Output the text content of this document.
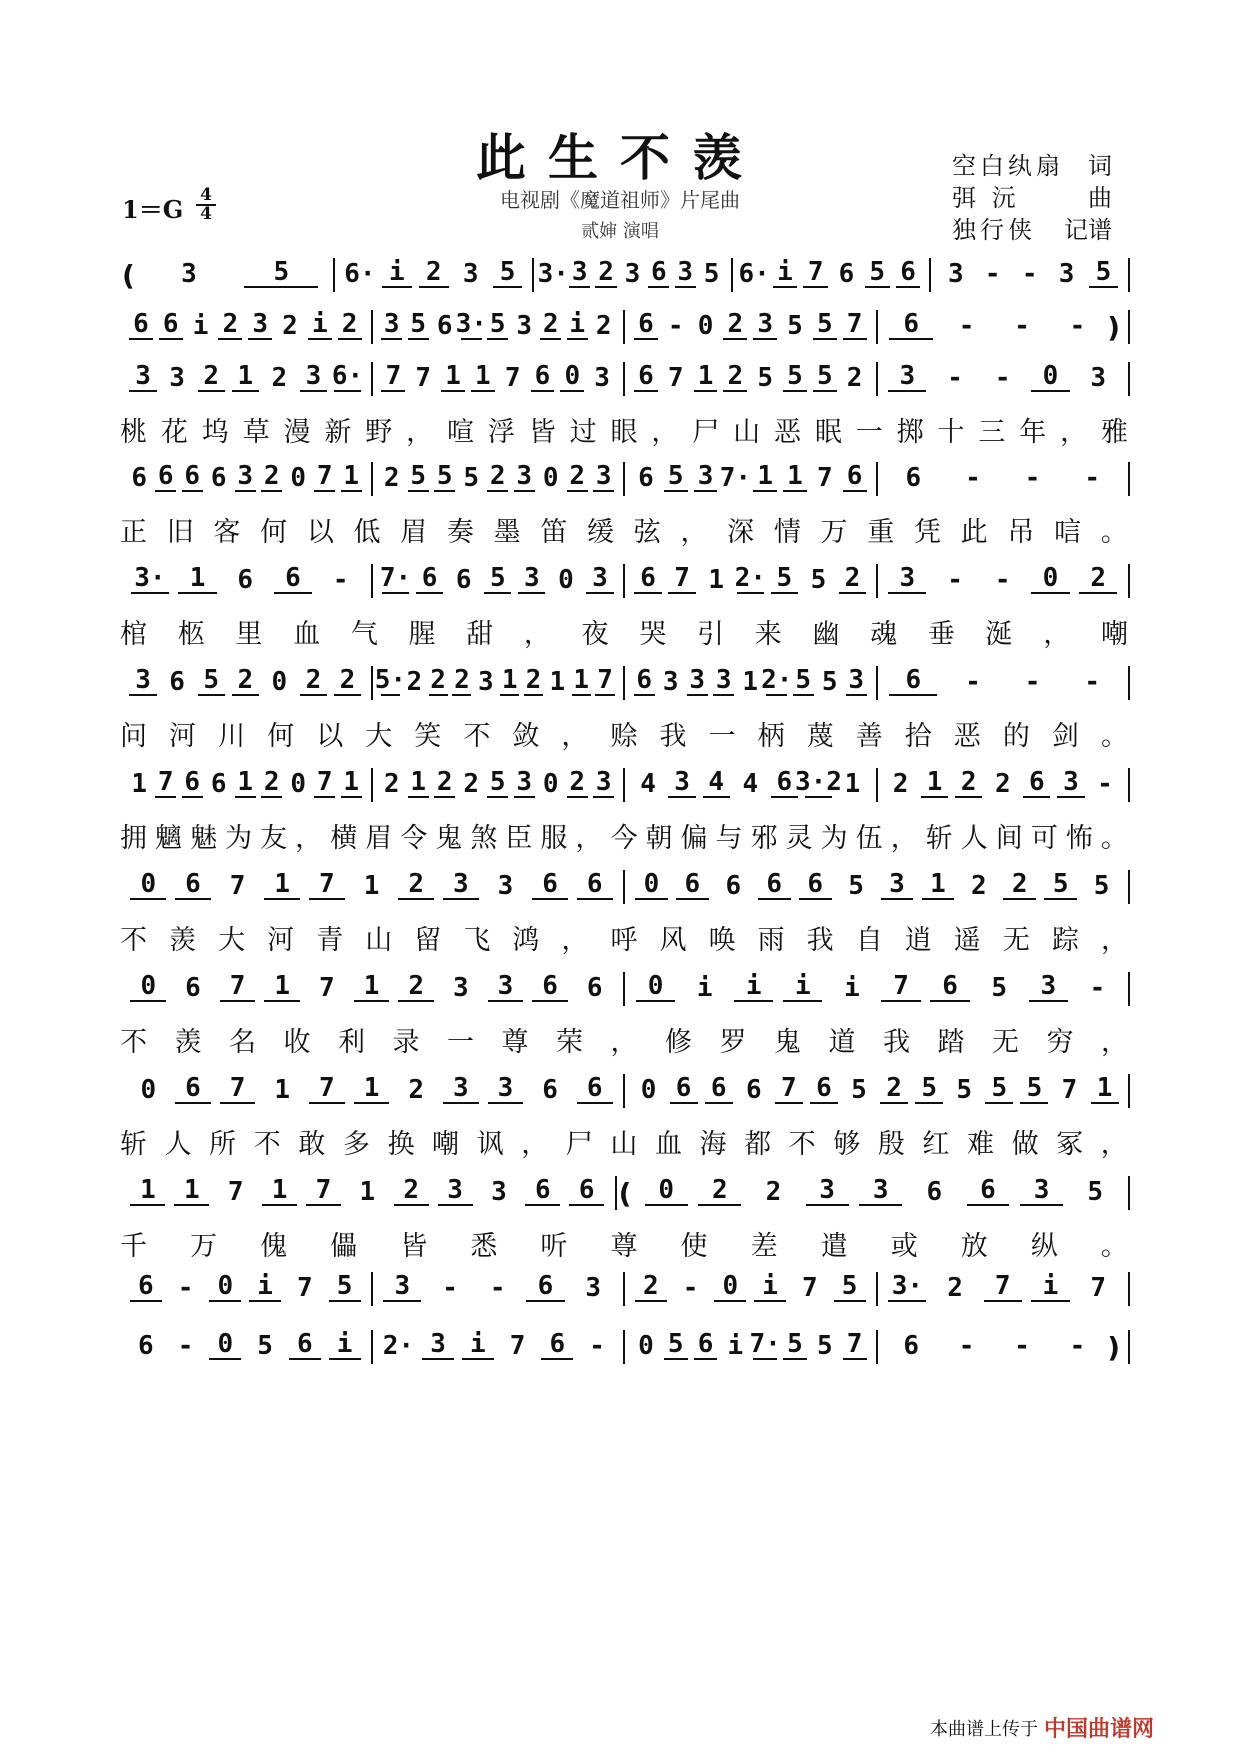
此生不羡
电视剧《魔道祖师》片尾曲
贰婶 演唱
$1=G \frac{4}{4}$
空白纨扇 词
弭 沅	曲
独行侠 记谱
( 3	5 6· i 2 3 5 3· 3 2 3 6 3 5 6· i 7 6 5 6 3 - - 3 5
6 6 i 2 3 2 i 2 3 5 6 3· 5 3 2 i 2 6 - 0 2 3 5 5 7 6 - - - )
3 3 2 1 2 3 6· 7 7 1 1 7 6 0 3 6 7 1 2 5 5 5 2 3 - - 0 3
桃 花 坞 草 漫 新 野 ， 喧 浮 皆 过 眼 ， 尸 山 恶 眠 一 掷 十 三 年 ， 雅
6 6 6 6 3 2 0 7 1 2 5 5 5 2 3 0 2 3 6 5 3 7· 1 1 7 6 6 - - -
正 旧 客 何 以 低 眉 奏 墨 笛 缓 弦 ， 深 情 万 重 凭 此 吊 唁 。
3· 1 6 6 - 7· 6 6 5 3 0 3 6 7 1 2· 5 5 2 3 - - 0 2
棺 柩 里 血 气 腥 甜 ， 夜 哭 引 来 幽 魂 垂 涎 ， 嘲
3 6 5 2 0 2 2 5· 2 2 2 3 1 2 1 1 7 6 3 3 3 1 2· 5 5 3 6 - - -
问 河 川 何 以 大 笑 不 敛 ， 赊 我 一 柄 蔑 善 拾 恶 的 剑 。
1 7 6 6 1 2 0 7 1 2 1 2 2 5 3 0 2 3 4 3 4 4 6 3·2 1 2 1 2 2 6 3 -
拥 魑 魅 为 友 ， 横 眉 令 鬼 煞 臣 服 ， 今 朝 偏 与 邪 灵 为 伍 ， 斩 人 间 可 怖 。
0 6 7 1 7 1 2 3 3 6 6 0 6 6 6 6 5 3 1 2 2 5 5
不 羡 大 河 青 山 留 飞 鸿 ， 呼 风 唤 雨 我 自 逍 遥 无 踪 ，
0 6 7 1 7 1 2 3 3 6 6 0 i i i i 7 6 5 3 -
不 羡 名 收 利 录 一 尊 荣 ， 修 罗 鬼 道 我 踏 无 穷 ，
0 6 7 1 7 1 2 3 3 6 6 0 6 6 6 7 6 5 2 5 5 5 5 7 1
斩 人 所 不 敢 多 换 嘲 讽 ， 尸 山 血 海 都 不 够 殷 红 难 做 冢 ，
1 1 7 1 7 1 2 3 3 6 6 ( 0 2 2 3 3 6 6 3 5
千 万 傀 儡 皆 悉 听 尊 使 差 遣 或 放 纵 。
6 - 0 i 7 5 3 - - 6 3 2 - 0 i 7 5 3· 2 7 i 7
6 - 0 5 6 i 2· 3 i 7 6 - 0 5 6 i 7· 5 5 7 6 - - - )
本曲谱上传于 中国曲谱网
